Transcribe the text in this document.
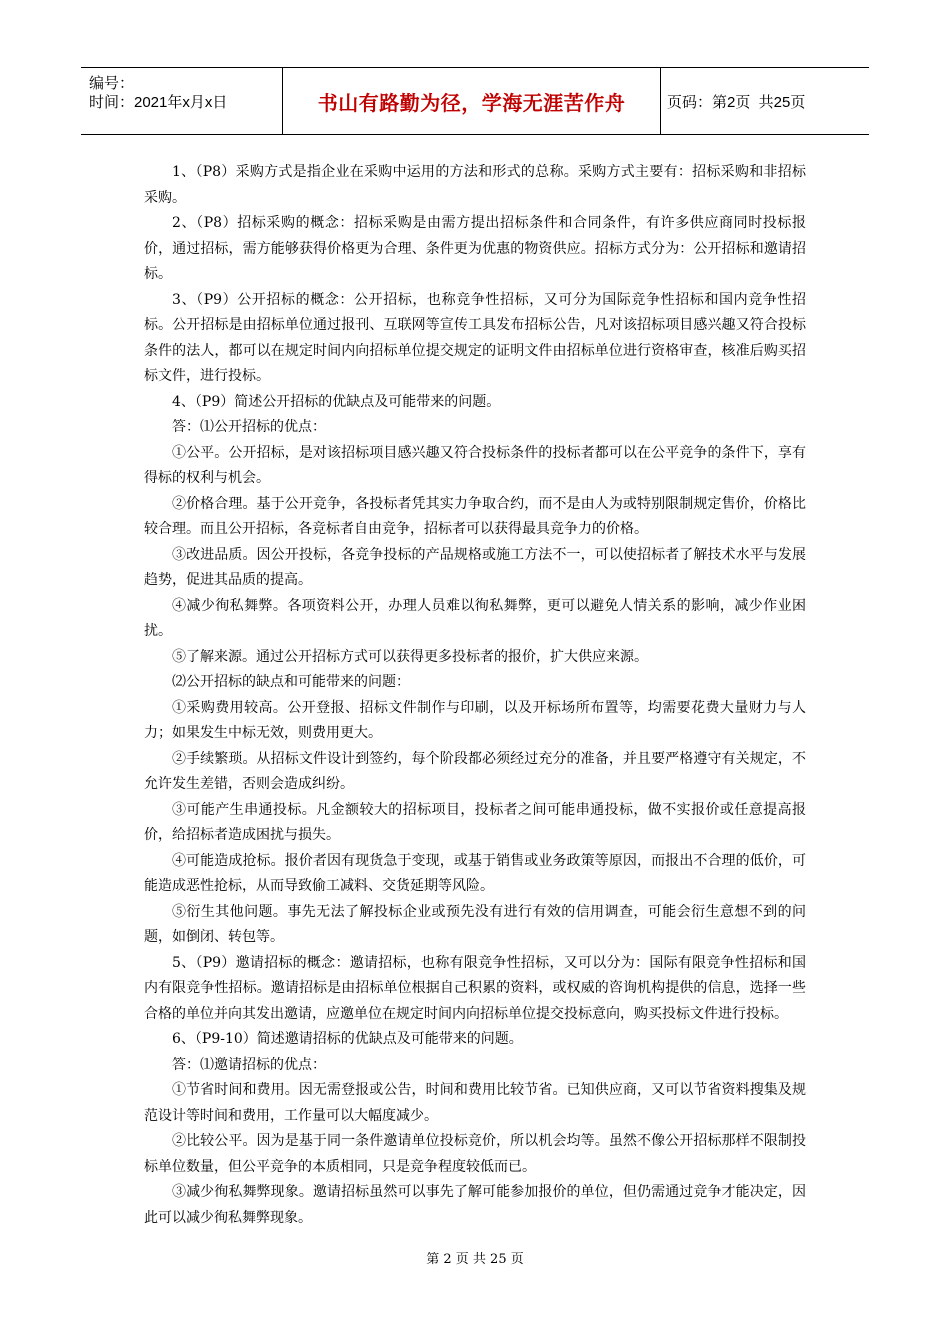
编号：
时间：2021年x月x日	书山有路勤为径，学海无涯苦作舟	页码：第2页  共25页

1、（P8）采购方式是指企业在采购中运用的方法和形式的总称。采购方式主要有：招标采购和非招标采购。

2、（P8）招标采购的概念：招标采购是由需方提出招标条件和合同条件，有许多供应商同时投标报价，通过招标，需方能够获得价格更为合理、条件更为优惠的物资供应。招标方式分为：公开招标和邀请招标。

3、（P9）公开招标的概念：公开招标，也称竞争性招标，又可分为国际竞争性招标和国内竞争性招标。公开招标是由招标单位通过报刊、互联网等宣传工具发布招标公告，凡对该招标项目感兴趣又符合投标条件的法人，都可以在规定时间内向招标单位提交规定的证明文件由招标单位进行资格审查，核准后购买招标文件，进行投标。

4、（P9）简述公开招标的优缺点及可能带来的问题。

答：⑴公开招标的优点：

①公平。公开招标，是对该招标项目感兴趣又符合投标条件的投标者都可以在公平竞争的条件下，享有得标的权利与机会。

②价格合理。基于公开竞争，各投标者凭其实力争取合约，而不是由人为或特别限制规定售价，价格比较合理。而且公开招标，各竞标者自由竞争，招标者可以获得最具竞争力的价格。

③改进品质。因公开投标，各竞争投标的产品规格或施工方法不一，可以使招标者了解技术水平与发展趋势，促进其品质的提高。

④减少徇私舞弊。各项资料公开，办理人员难以徇私舞弊，更可以避免人情关系的影响，减少作业困扰。

⑤了解来源。通过公开招标方式可以获得更多投标者的报价，扩大供应来源。

⑵公开招标的缺点和可能带来的问题：

①采购费用较高。公开登报、招标文件制作与印刷，以及开标场所布置等，均需要花费大量财力与人力；如果发生中标无效，则费用更大。

②手续繁琐。从招标文件设计到签约，每个阶段都必须经过充分的准备，并且要严格遵守有关规定，不允许发生差错，否则会造成纠纷。

③可能产生串通投标。凡金额较大的招标项目，投标者之间可能串通投标，做不实报价或任意提高报价，给招标者造成困扰与损失。

④可能造成抢标。报价者因有现货急于变现，或基于销售或业务政策等原因，而报出不合理的低价，可能造成恶性抢标，从而导致偷工减料、交货延期等风险。

⑤衍生其他问题。事先无法了解投标企业或预先没有进行有效的信用调查，可能会衍生意想不到的问题，如倒闭、转包等。

5、（P9）邀请招标的概念：邀请招标，也称有限竞争性招标，又可以分为：国际有限竞争性招标和国内有限竞争性招标。邀请招标是由招标单位根据自己积累的资料，或权威的咨询机构提供的信息，选择一些合格的单位并向其发出邀请，应邀单位在规定时间内向招标单位提交投标意向，购买投标文件进行投标。

6、（P9-10）简述邀请招标的优缺点及可能带来的问题。

答：⑴邀请招标的优点：

①节省时间和费用。因无需登报或公告，时间和费用比较节省。已知供应商，又可以节省资料搜集及规范设计等时间和费用，工作量可以大幅度减少。

②比较公平。因为是基于同一条件邀请单位投标竞价，所以机会均等。虽然不像公开招标那样不限制投标单位数量，但公平竞争的本质相同，只是竞争程度较低而已。

③减少徇私舞弊现象。邀请招标虽然可以事先了解可能参加报价的单位，但仍需通过竞争才能决定，因此可以减少徇私舞弊现象。

第 2 页 共 25 页
